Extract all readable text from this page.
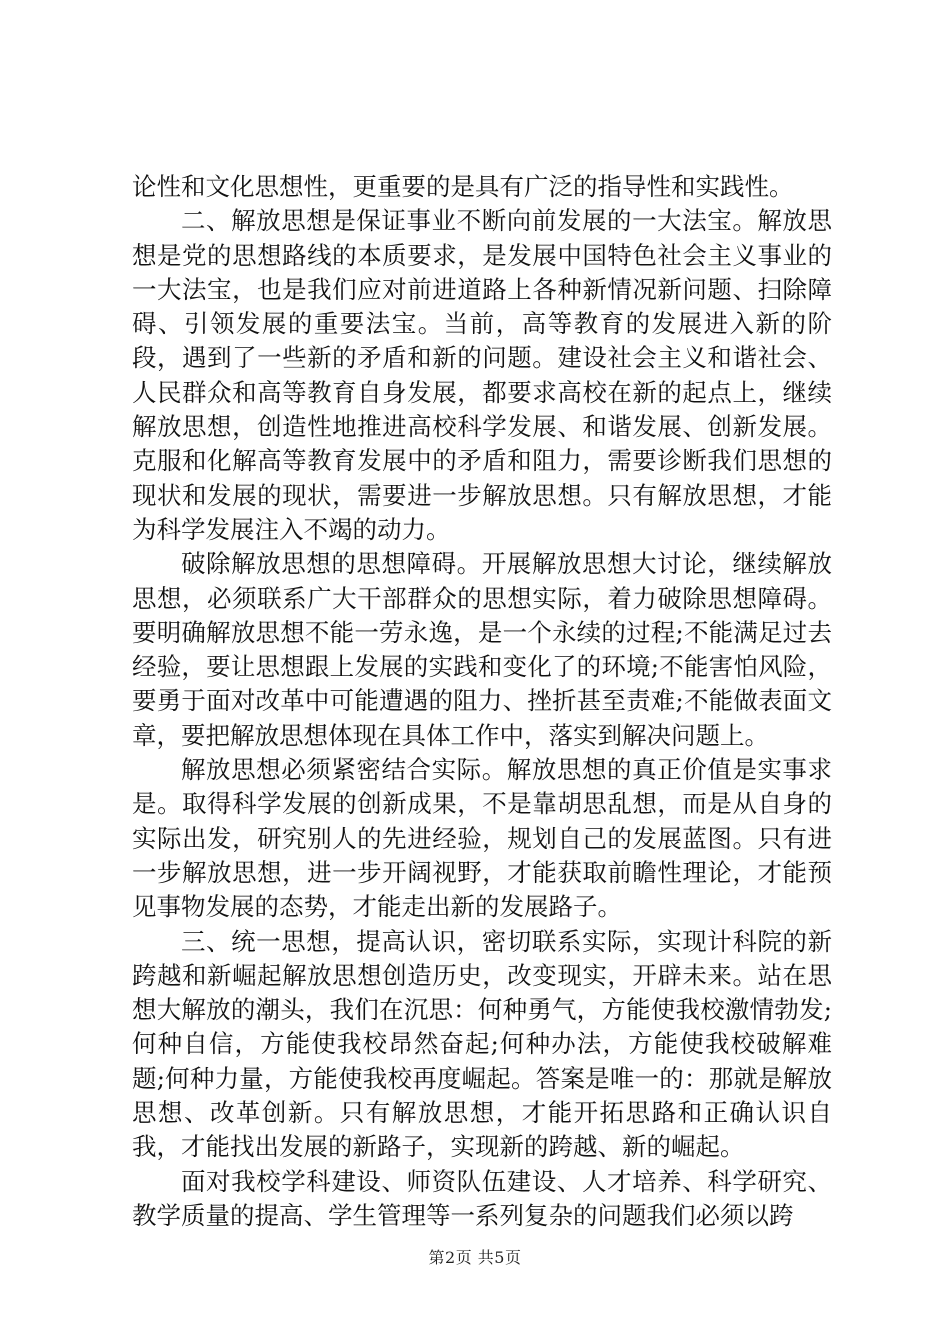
论性和文化思想性，更重要的是具有广泛的指导性和实践性。

二、解放思想是保证事业不断向前发展的一大法宝。解放思想是党的思想路线的本质要求，是发展中国特色社会主义事业的一大法宝，也是我们应对前进道路上各种新情况新问题、扫除障碍、引领发展的重要法宝。当前，高等教育的发展进入新的阶段，遇到了一些新的矛盾和新的问题。建设社会主义和谐社会、人民群众和高等教育自身发展，都要求高校在新的起点上，继续解放思想，创造性地推进高校科学发展、和谐发展、创新发展。克服和化解高等教育发展中的矛盾和阻力，需要诊断我们思想的现状和发展的现状，需要进一步解放思想。只有解放思想，才能为科学发展注入不竭的动力。

破除解放思想的思想障碍。开展解放思想大讨论，继续解放思想，必须联系广大干部群众的思想实际，着力破除思想障碍。要明确解放思想不能一劳永逸，是一个永续的过程;不能满足过去经验，要让思想跟上发展的实践和变化了的环境;不能害怕风险，要勇于面对改革中可能遭遇的阻力、挫折甚至责难;不能做表面文章，要把解放思想体现在具体工作中，落实到解决问题上。

解放思想必须紧密结合实际。解放思想的真正价值是实事求是。取得科学发展的创新成果，不是靠胡思乱想，而是从自身的实际出发，研究别人的先进经验，规划自己的发展蓝图。只有进一步解放思想，进一步开阔视野，才能获取前瞻性理论，才能预见事物发展的态势，才能走出新的发展路子。

三、统一思想，提高认识，密切联系实际，实现计科院的新跨越和新崛起解放思想创造历史，改变现实，开辟未来。站在思想大解放的潮头，我们在沉思：何种勇气，方能使我校激情勃发;何种自信，方能使我校昂然奋起;何种办法，方能使我校破解难题;何种力量，方能使我校再度崛起。答案是唯一的：那就是解放思想、改革创新。只有解放思想，才能开拓思路和正确认识自我，才能找出发展的新路子，实现新的跨越、新的崛起。

面对我校学科建设、师资队伍建设、人才培养、科学研究、教学质量的提高、学生管理等一系列复杂的问题我们必须以跨

第2页 共5页
